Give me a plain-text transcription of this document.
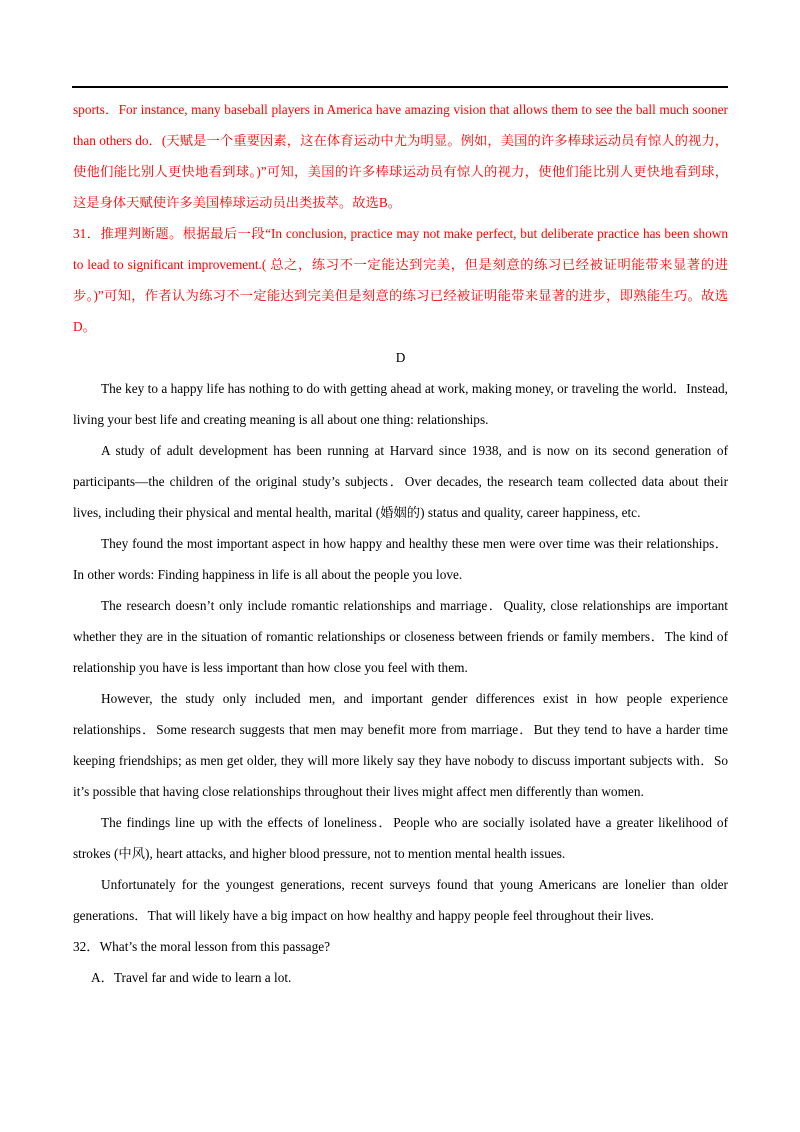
sports．For instance, many baseball players in America have amazing vision that allows them to see the ball much sooner than others do．(天赋是一个重要因素，这在体育运动中尤为明显。例如，美国的许多棒球运动员有惊人的视力，使他们能比别人更快地看到球。)”可知，美国的许多棒球运动员有惊人的视力，使他们能比别人更快地看到球，这是身体天赋使许多美国棒球运动员出类拔萃。故选B。

31．推理判断题。根据最后一段“In conclusion, practice may not make perfect, but deliberate practice has been shown to lead to significant improvement.( 总之，练习不一定能达到完美，但是刻意的练习已经被证明能带来显著的进步。)”可知，作者认为练习不一定能达到完美但是刻意的练习已经被证明能带来显著的进步，即熟能生巧。故选D。

D

The key to a happy life has nothing to do with getting ahead at work, making money, or traveling the world．Instead, living your best life and creating meaning is all about one thing: relationships.

A study of adult development has been running at Harvard since 1938, and is now on its second generation of participants—the children of the original study’s subjects．Over decades, the research team collected data about their lives, including their physical and mental health, marital (婚姻的) status and quality, career happiness, etc.

They found the most important aspect in how happy and healthy these men were over time was their relationships．In other words: Finding happiness in life is all about the people you love.

The research doesn’t only include romantic relationships and marriage．Quality, close relationships are important whether they are in the situation of romantic relationships or closeness between friends or family members．The kind of relationship you have is less important than how close you feel with them.

However, the study only included men, and important gender differences exist in how people experience relationships．Some research suggests that men may benefit more from marriage．But they tend to have a harder time keeping friendships; as men get older, they will more likely say they have nobody to discuss important subjects with．So it’s possible that having close relationships throughout their lives might affect men differently than women.

The findings line up with the effects of loneliness．People who are socially isolated have a greater likelihood of strokes (中风), heart attacks, and higher blood pressure, not to mention mental health issues.

Unfortunately for the youngest generations, recent surveys found that young Americans are lonelier than older generations．That will likely have a big impact on how healthy and happy people feel throughout their lives.

32．What’s the moral lesson from this passage?

A．Travel far and wide to learn a lot.
